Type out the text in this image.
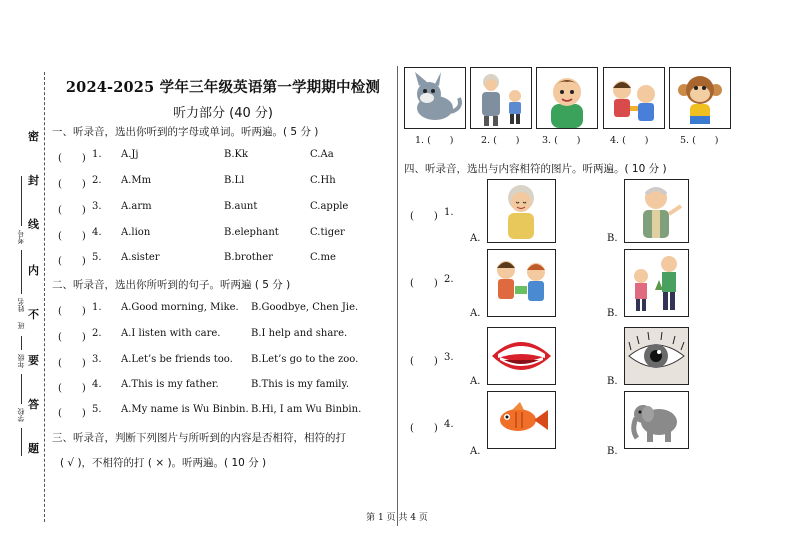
密
封
线
内
不
要
答
题
考号
姓名
班
年级
学校
2024-2025 学年三年级英语第一学期期中检测
听力部分 (40 分)
一、听录音，选出你听到的字母或单词。听两遍。( 5 分 )
(　　) 1. A.Jj	B.Kk	C.Aa
(　　) 2. A.Mm	B.Ll	C.Hh
(　　) 3. A.arm	B.aunt	C.apple
(　　) 4. A.lion	B.elephant	C.tiger
(　　) 5. A.sister	B.brother	C.me
二、听录音，选出你所听到的句子。听两遍 ( 5 分 )
(　　) 1. A.Good morning, Mike. B.Goodbye, Chen Jie.
(　　) 2. A.I listen with care.	B.I help and share.
(　　) 3. A.Let’s be friends too. B.Let’s go to the zoo.
(　　) 4. A.This is my father.	B.This is my family.
(　　) 5. A.My name is Wu Binbin. B.Hi, I am Wu Binbin.
三、听录音，判断下列图片与所听到的内容是否相符，相符的打
( √ )，不相符的打 ( × )。听两遍。( 10 分 )
1. (　　)	2. (　　) 3. (　　)	4. (　　)	5. (　　)
四、听录音，选出与内容相符的图片。听两遍。( 10 分 )
(　　) 1.
A.	B.
(　　) 2.
A.	B.
(　　) 3.
A.	B.
(　　) 4.
A.	B.
第 1 页 共 4 页
